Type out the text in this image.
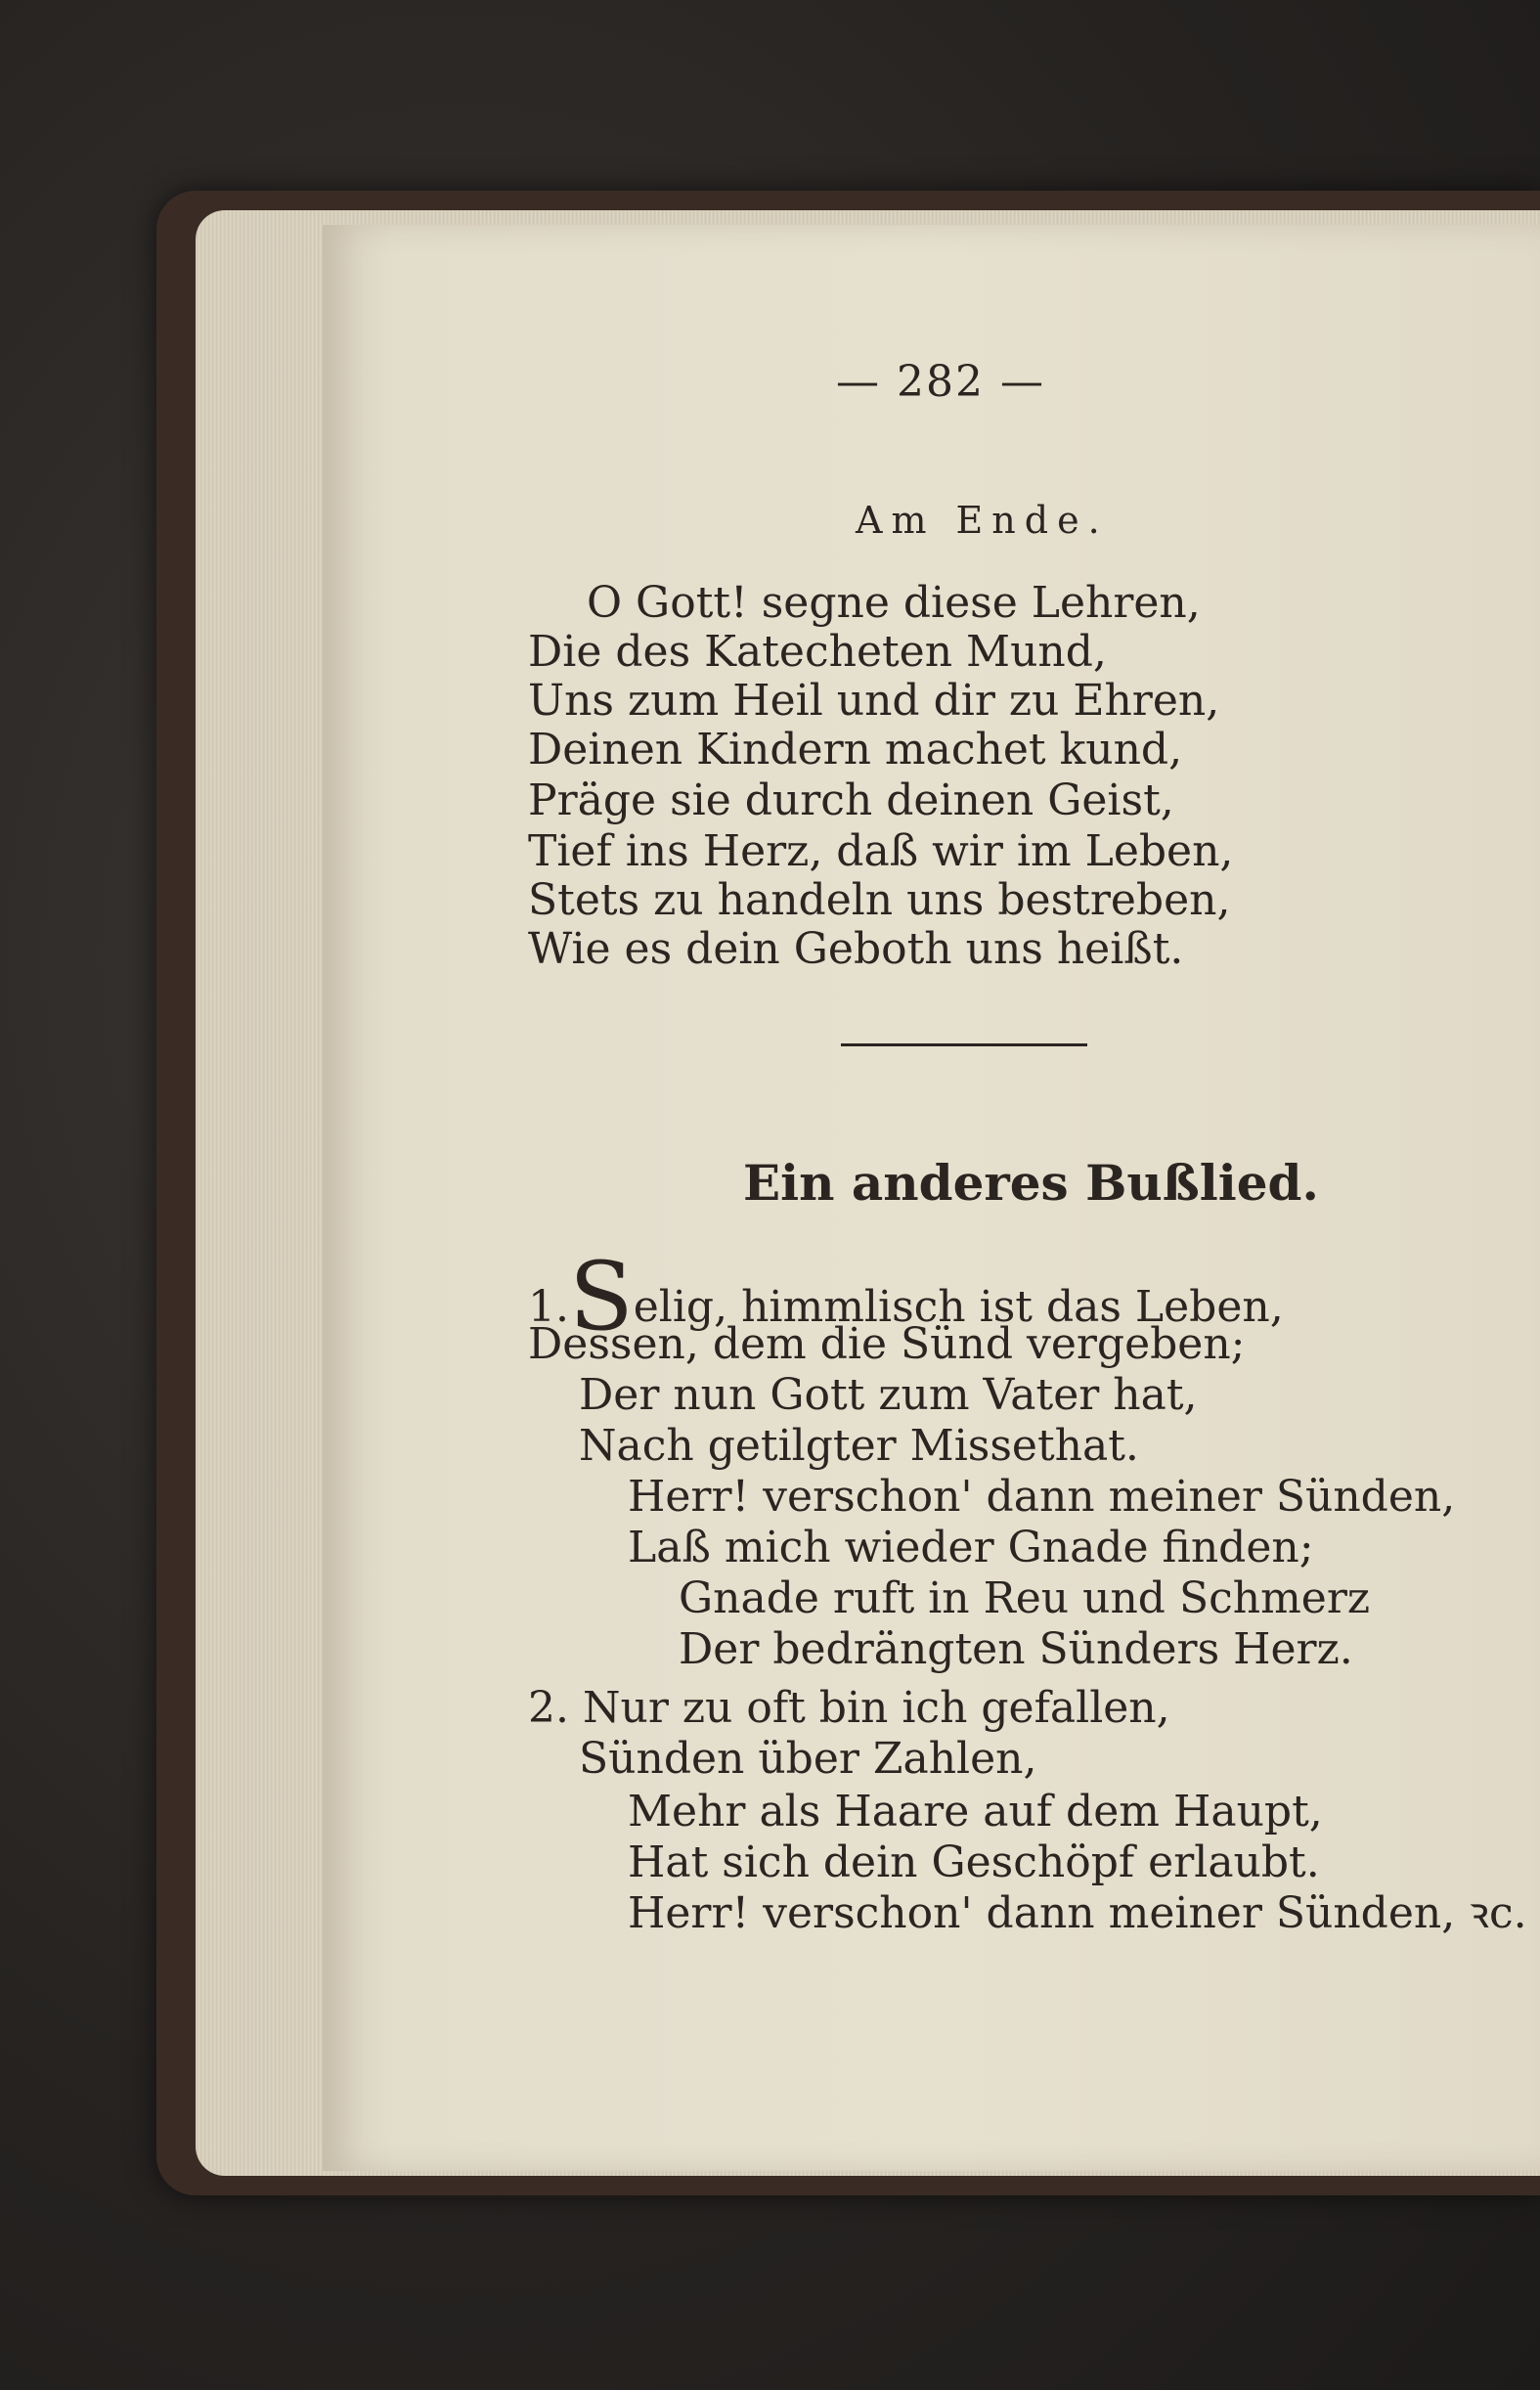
— 282 —
Am Ende.
O Gott! segne diese Lehren,
Die des Katecheten Mund,
Uns zum Heil und dir zu Ehren,
Deinen Kindern machet kund,
Präge sie durch deinen Geist,
Tief ins Herz, daß wir im Leben,
Stets zu handeln uns bestreben,
Wie es dein Geboth uns heißt.
Ein anderes Bußlied.
1.Selig, himmlisch ist das Leben,
Dessen, dem die Sünd vergeben;
Der nun Gott zum Vater hat,
Nach getilgter Missethat.
Herr! verschon' dann meiner Sünden,
Laß mich wieder Gnade finden;
Gnade ruft in Reu und Schmerz
Der bedrängten Sünders Herz.
2. Nur zu oft bin ich gefallen,
Sünden über Zahlen,
Mehr als Haare auf dem Haupt,
Hat sich dein Geschöpf erlaubt.
Herr! verschon' dann meiner Sünden, ꝛc.
